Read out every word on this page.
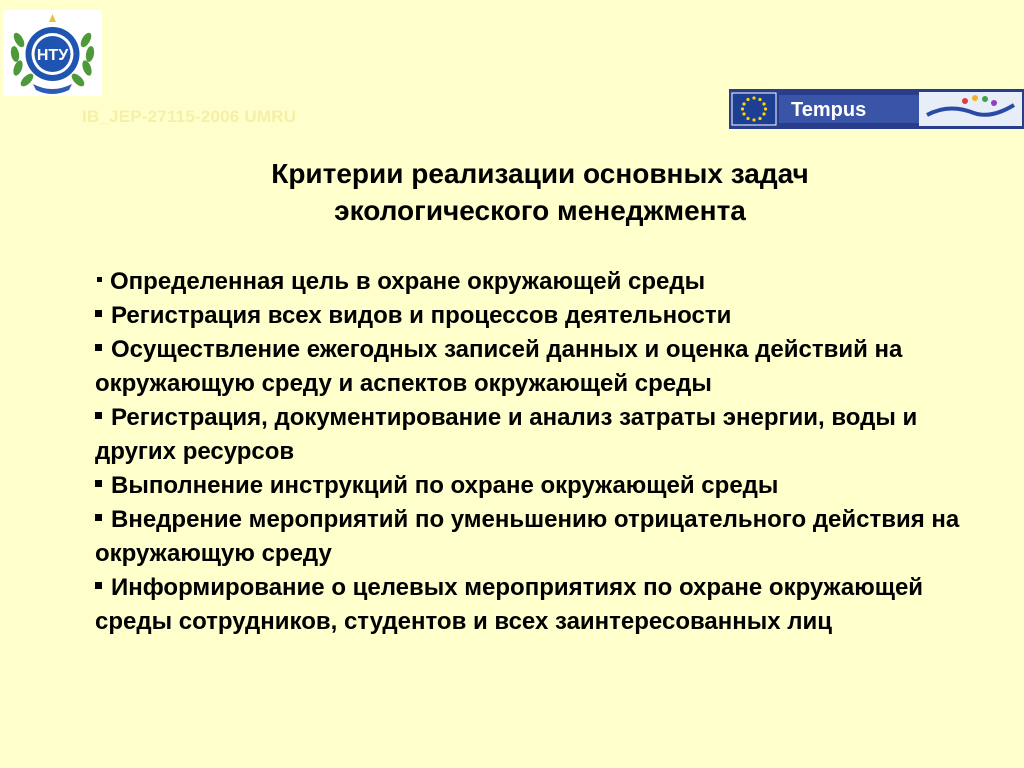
НТУ
IB_JEP-27115-2006 UMRU	Tempus
Критерии реализации основных задач
экологического менеджмента
Определенная цель в охране окружающей среды
Регистрация всех видов и процессов деятельности
Осуществление ежегодных записей данных и оценка действий на окружающую среду и аспектов окружающей среды
Регистрация, документирование и анализ затраты энергии, воды и других ресурсов
Выполнение инструкций по охране окружающей среды
Внедрение мероприятий по уменьшению отрицательного действия на окружающую среду
Информирование о целевых мероприятиях по охране окружающей среды сотрудников, студентов и всех заинтересованных лиц
